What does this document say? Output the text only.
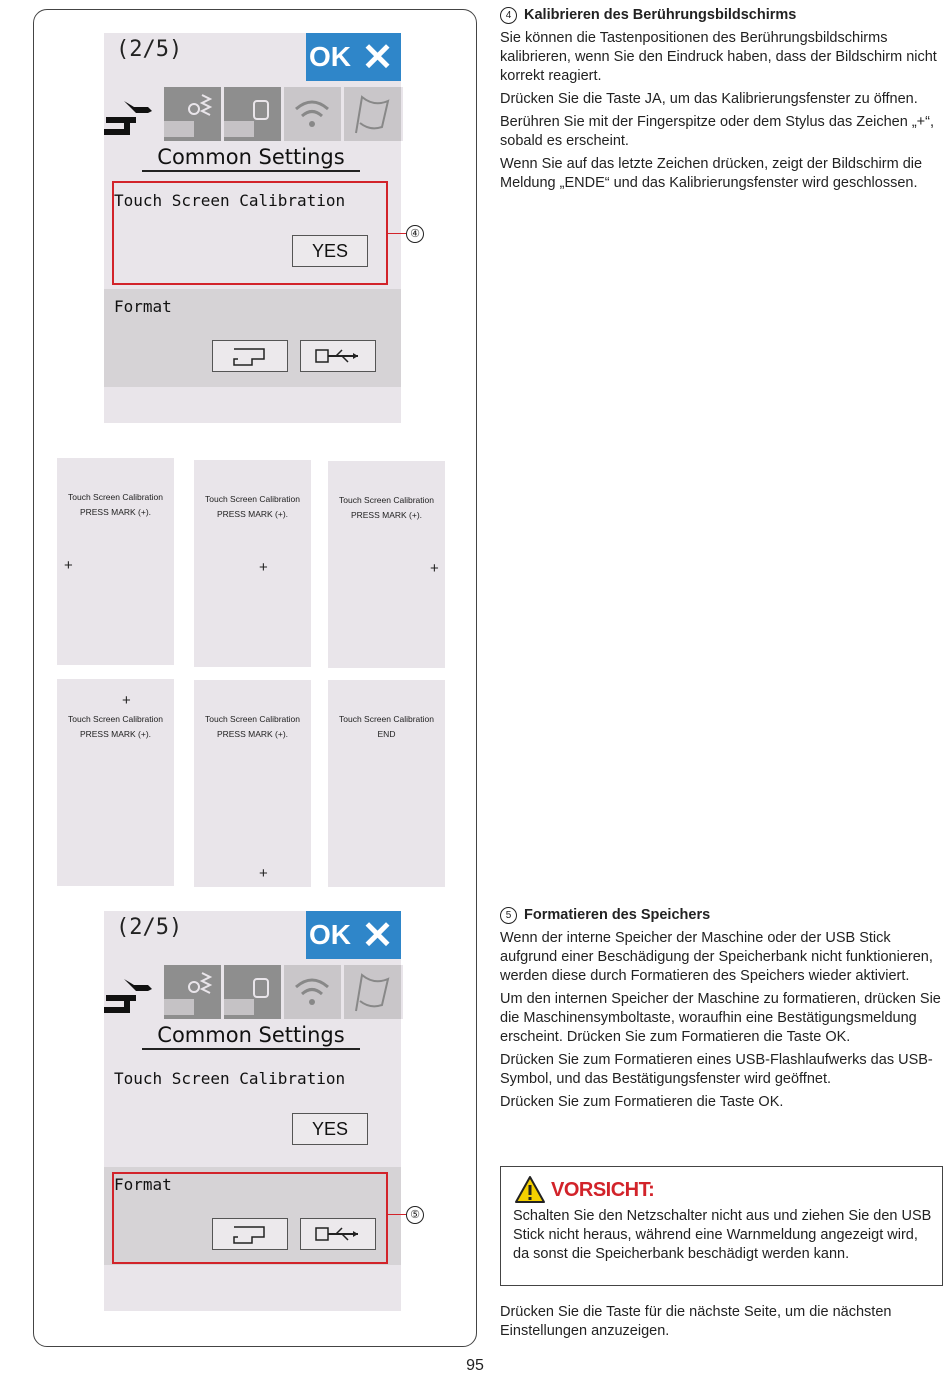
(2/5)	OK ✕
Common Settings
Touch Screen Calibration
YES
Format
④
Touch Screen Calibration
PRESS MARK (+).
+
Touch Screen Calibration
PRESS MARK (+).
+
Touch Screen Calibration
PRESS MARK (+).
+
+
Touch Screen Calibration
PRESS MARK (+).
Touch Screen Calibration
PRESS MARK (+).
+
Touch Screen Calibration
END
(2/5)	OK ✕
Common Settings
Touch Screen Calibration
YES
Format
⑤

4 Kalibrieren des Berührungsbildschirms

Sie können die Tastenpositionen des Berührungsbildschirms kalibrieren, wenn Sie den Eindruck haben, dass der Bildschirm nicht korrekt reagiert.

Drücken Sie die Taste JA, um das Kalibrierungsfenster zu öffnen.

Berühren Sie mit der Fingerspitze oder dem Stylus das Zeichen „+“, sobald es erscheint.

Wenn Sie auf das letzte Zeichen drücken, zeigt der Bildschirm die Meldung „ENDE“ und das Kalibrierungsfenster wird geschlossen.

5 Formatieren des Speichers

Wenn der interne Speicher der Maschine oder der USB Stick aufgrund einer Beschädigung der Speicherbank nicht funktionieren, werden diese durch Formatieren des Speichers wieder aktiviert.

Um den internen Speicher der Maschine zu formatieren, drücken Sie die Maschinensymboltaste, woraufhin eine Bestätigungsmeldung erscheint. Drücken Sie zum Formatieren die Taste OK.

Drücken Sie zum Formatieren eines USB-Flashlaufwerks das USB-Symbol, und das Bestätigungsfenster wird geöffnet.

Drücken Sie zum Formatieren die Taste OK.

VORSICHT:
Schalten Sie den Netzschalter nicht aus und ziehen Sie den USB Stick nicht heraus, während eine Warnmeldung angezeigt wird, da sonst die Speicherbank beschädigt werden kann.
Drücken Sie die Taste für die nächste Seite, um die nächsten Einstellungen anzuzeigen.
95
